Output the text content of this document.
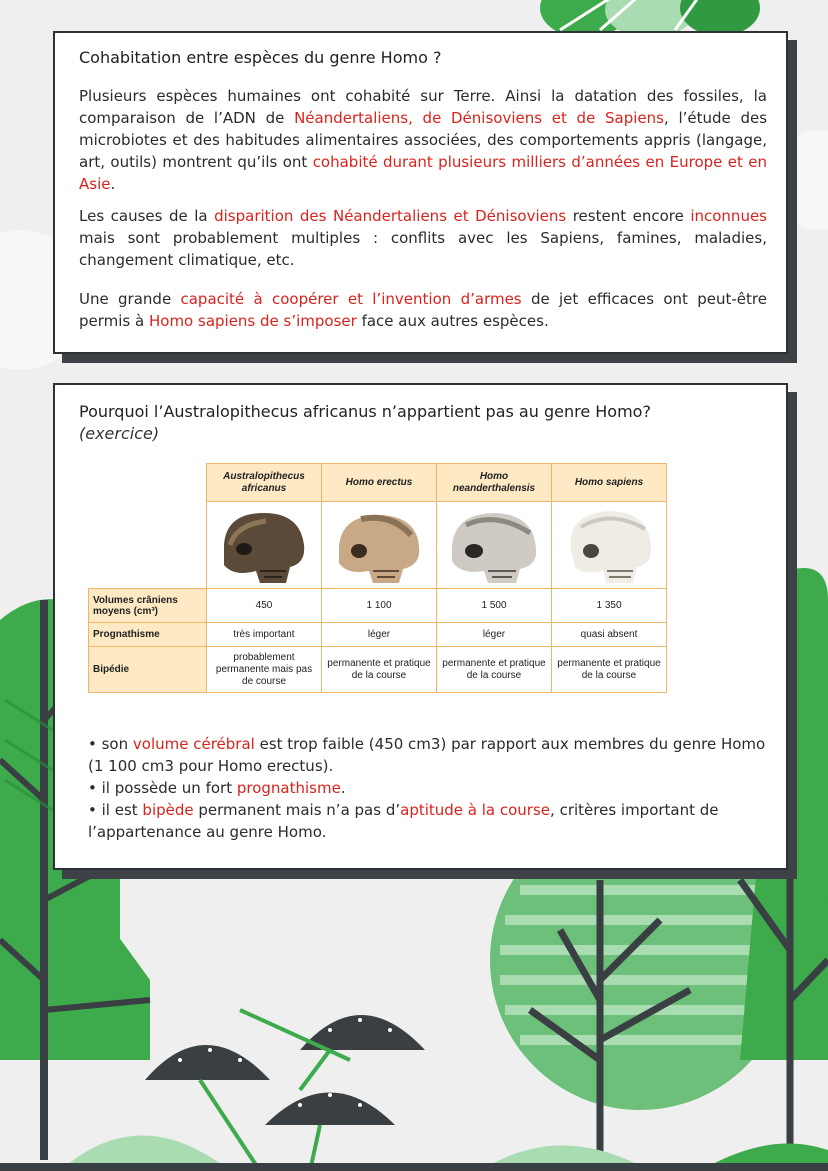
Cohabitation entre espèces du genre Homo ?

Plusieurs espèces humaines ont cohabité sur Terre. Ainsi la datation des fossiles, la comparaison de l’ADN de Néandertaliens, de Dénisoviens et de Sapiens, l’étude des microbiotes et des habitudes alimentaires associées, des comportements appris (langage, art, outils) montrent qu’ils ont cohabité durant plusieurs milliers d’années en Europe et en Asie.

Les causes de la disparition des Néandertaliens et Dénisoviens restent encore inconnues mais sont probablement multiples : conflits avec les Sapiens, famines, maladies, changement climatique, etc.

Une grande capacité à coopérer et l’invention d’armes de jet efficaces ont peut-être permis à Homo sapiens de s’imposer face aux autres espèces.

Pourquoi l’Australopithecus africanus n’appartient pas au genre Homo?
(exercice)
	Australopithecus africanus	Homo erectus	Homo neanderthalensis	Homo sapiens

Volumes crâniens moyens (cm³)	450	1 100	1 500	1 350
Prognathisme	très important	léger	léger	quasi absent
Bipédie	probablement permanente mais pas de course	permanente et pratique de la course	permanente et pratique de la course	permanente et pratique de la course
• son volume cérébral est trop faible (450 cm3) par rapport aux membres du genre Homo (1 100 cm3 pour Homo erectus).
• il possède un fort prognathisme.
• il est bipède permanent mais n’a pas d’aptitude à la course, critères important de l’appartenance au genre Homo.
